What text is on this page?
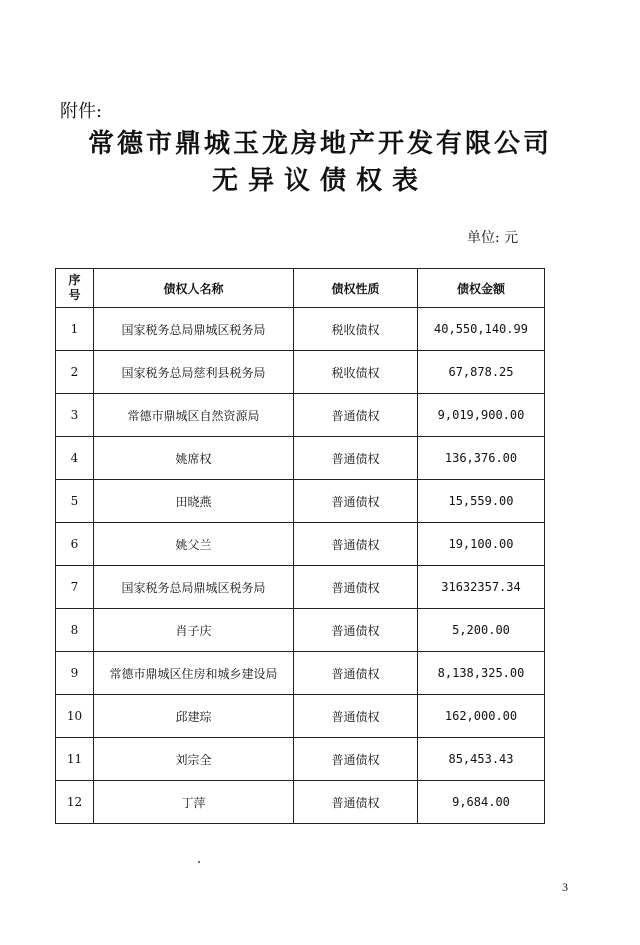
附件:
常德市鼎城玉龙房地产开发有限公司
无异议债权表
单位: 元
序号	债权人名称	债权性质	债权金额
1	国家税务总局鼎城区税务局	税收债权	40,550,140.99
2	国家税务总局慈利县税务局	税收债权	67,878.25
3	常德市鼎城区自然资源局	普通债权	9,019,900.00
4	姚席权	普通债权	136,376.00
5	田晓燕	普通债权	15,559.00
6	姚父兰	普通债权	19,100.00
7	国家税务总局鼎城区税务局	普通债权	31632357.34
8	肖子庆	普通债权	5,200.00
9	常德市鼎城区住房和城乡建设局	普通债权	8,138,325.00
10	邱建琮	普通债权	162,000.00
11	刘宗全	普通债权	85,453.43
12	丁萍	普通债权	9,684.00
3
